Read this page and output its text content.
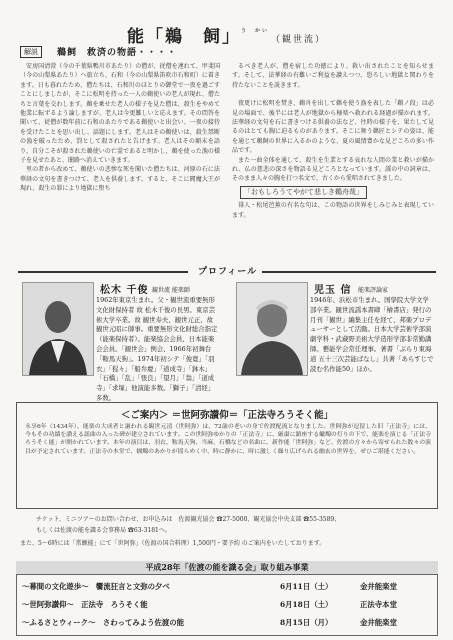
能「鵜　飼」$^{う かい}$（観世流）
解説	鵜飼　救済の物語・・・・

安房国清澄（今の千葉県鴨川市あたり）の僧が、従僧を連れて、甲斐国（今の山梨県あたり）へ旅立ち、石和（今の山梨県笛吹市石和町）に着きます。日も暮れたため、僧たちは、石和川のほとりの御堂で一夜を過ごすことにしましたが、そこに松明を持った一人の鵜使いの老人が現れ、僧たちと言葉を交わします。鵜を乗せた老人の様子を見た僧は、殺生をやめて他業に転ずるよう論しますが、老人は今更難しいと応えます。その問答を聞いて、従僧が数年前に石和のあたりである鵜使いと出会い、一夜の接待を受けたことを思い出し、話題にします。老人はその鵜使いは、殺生禁断の漁を破ったため、罰として殺されたと告げます。老人はその顛末を語り、自分こそが殺された鵜使いの亡霊であると明かし、鵜を使った漁の様子を見せたあと、闇路へ消えていきます。

里の者から改めて、鵜使いの悲惨な死を聞いた僧たちは、河原の石に法華経の文句を書きつけて、老人を供養します。すると、そこに閻魔大王が現れ、殺生の罪により地獄に堕ち

るべき老人が、僧を宿した功徳により、救い出されたことを知らせます。そして、法華経の有難いご利益を讃えつつ、恐ろしい地獄と関わりを持たないことを説きます。

夜更けに松明を焚き、鵜舟を出して鵜を使う漁を表した「鵜ノ段」は必見の場面で、後半には老人が地獄から極楽へ救われる経過が描かれます。法華経の文句を石に書きつける供養の法など、往時の様子を、果たして見るのはとても胸に迫るものがあります。そこに舞う鵜匠とシテの姿は、能を通じて鵜飼の世界に入るかのような、夏の風情豊かな見どころの多い作品です。

また一曲全体を通して、殺生を生業とする哀れな人間の業と救いが描かれ、仏の慈悲の深さを物語る見どころとなっています。謡の中の詞章は、そのまま人々の胸を打つ名文で、古くから愛唱されてきました。

「おもしろうてやがて悲しき鵜舟哉」

俳人・松尾芭蕉の有名な句は、この物語の世界をしみじみと表現しています。

プロフィール
松木 千俊 観世流 能楽師
1962年東京生まれ。父・観世流重要無形文化財保持者 故 松木千俊の長男。東京芸術大学卒業。故 観世寿夫、観世元正、故 観世元昭に師事。重要無形文化財総合指定（能楽保持者）。能楽協会会員、日本能楽会会員。「観世会」例会、1966年初舞台「鞍馬天狗」。1974年初シテ「俊寛」「羽衣」「猩々」「船弁慶」「道成寺」「鉢木」「石橋」「乱」「張良」「望月」「翁」「道成寺」「求塚」他演能多数。「獅子」「清経」多数。
児玉 信 能楽評論家
1946年、浜松市生まれ。国學院大学文学部卒業。観世流謡本書肆「檜書店」発行の月刊「観世」編集主任を経て、邦楽プロデューサーとして活動。日本大学芸術学部演劇学科・武蔵野美術大学造形学部非常勤講師。藝能学会常任理事。著書「ぶらり東海道 五十三次芸能ばなし」共著「あらすじで読む名作能50」ほか。
＜ご案内＞ ＝世阿弥讃仰＝「正法寺ろうそく能」
永享6年（1434年）、能楽の大成者と謳われる観世元清（世阿弥）は、72歳の老いの身で佐渡配流となりました。世阿弥が逗留した旧「正法寺」には、今もその功績を讃える謡曲の入った碑が建立されています。この世阿弥ゆかりの「正法寺」に、厳粛に鎮座する蠟燭の灯りの下で、能楽を演じる「正法寺ろうそく能」が開かれています。本年の演目は、羽衣、鞍馬天狗、当麻、石橋などの名曲に、新作能「世阿弥」など、佐渡の方々から寄せられた数々の演目が予定されています。正法寺の本堂で、蝋燭のあかりが揺らめく中、時に静かに、時に激しく繰り広げられる幽玄の世界を、ぜひご堪能ください。
チケット、ミニツアーのお問い合わせ、お申込みは　佐渡観光協会 ☎27-5000、観光協会中央支部 ☎55-3589、
もしくは佐渡の能を識る会事務局 ☎63-3181へ。
また、5～6時には「常蝋能」にて「世阿弥」（佐渡の国合料理）1,500円・要予約 のご案内をいたしております。
平成28年「佐渡の能を識る会」取り組み事業
～幕間の文化遊歩～　饗流狂言と文弥の夕べ	6月11日（土）	金井能楽堂
～世阿弥讃仰～　正法寺　ろうそく能	6月18日（土）	正法寺本堂
～ふるさとウィーク～　さわってみよう佐渡の能	8月15日（月）	金井能楽堂
